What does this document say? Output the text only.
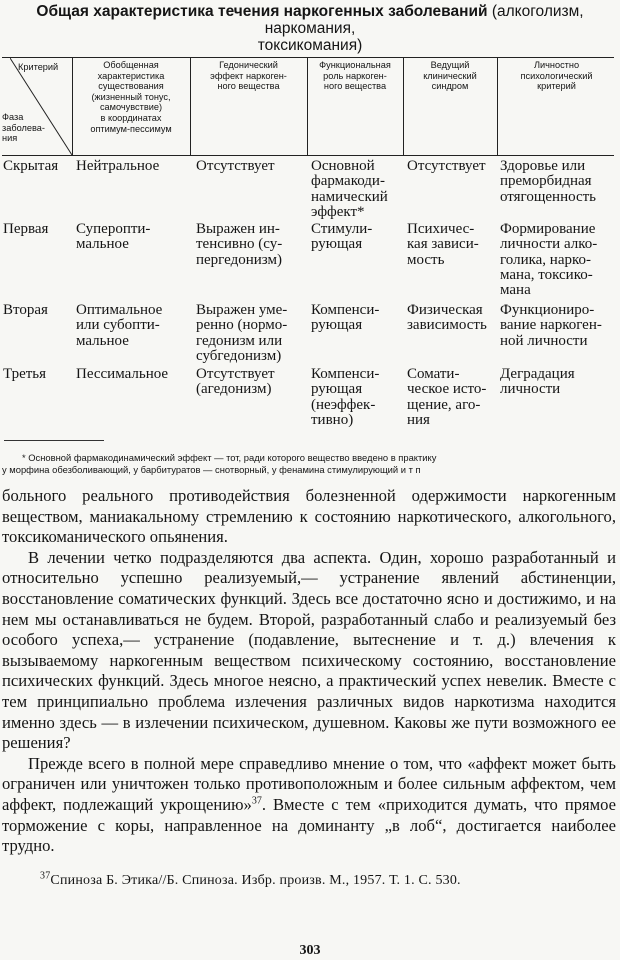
Общая характеристика течения наркогенных заболеваний (алкоголизм, наркомания,
токсикомания)
Критерий
Фаза
заболева-
ния
Обобщенная
характеристика
существования
(жизненный тонус,
самочувствие)
в координатах
оптимум-пессимум
Гедонический
эффект наркоген-
ного вещества
Функциональная
роль наркоген-
ного вещества
Ведущий
клинический
синдром
Личностно
психологический
критерий
Скрытая Нейтральное Отсутствует Основной
фармакоди-
намический
эффект*
Отсутствует Здоровье или
преморбидная
отягощенность
Первая Суперопти-
мальное
Выражен ин-
тенсивно (су-
пергедонизм)
Стимули-
рующая
Психичес-
кая зависи-
мость
Формирование
личности алко-
голика, нарко-
мана, токсико-
мана
Вторая Оптимальное
или субопти-
мальное
Выражен уме-
ренно (нормо-
гедонизм или
субгедонизм)
Компенси-
рующая
Физическая
зависимость
Функциониро-
вание наркоген-
ной личности
Третья Пессимальное Отсутствует
(агедонизм)
Компенси-
рующая
(неэффек-
тивно)
Сомати-
ческое исто-
щение, аго-
ния
Деградация
личности
* Основной фармакодинамический эффект — тот, ради которого вещество введено в практику
у морфина обезболивающий, у барбитуратов — снотворный, у фенамина стимулирующий и т п

больного реального противодействия болезненной одержимости наркогенным веществом, маниакальному стремлению к состоянию наркотического, алкогольного, токсикоманического опьянения.

В лечении четко подразделяются два аспекта. Один, хорошо разработанный и относительно успешно реализуемый,— устранение явлений абстиненции, восстановление соматических функций. Здесь все достаточно ясно и достижимо, и на нем мы останавливаться не будем. Второй, разработанный слабо и реализуемый без особого успеха,— устранение (подавление, вытеснение и т. д.) влечения к вызываемому наркогенным веществом психическому состоянию, восстановление психических функций. Здесь многое неясно, а практический успех невелик. Вместе с тем принципиально проблема излечения различных видов наркотизма находится именно здесь — в излечении психическом, душевном. Каковы же пути возможного ее решения?

Прежде всего в полной мере справедливо мнение о том, что «аффект может быть ограничен или уничтожен только противоположным и более сильным аффектом, чем аффект, подлежащий укрощению»$^{37}$. Вместе с тем «приходится думать, что прямое торможение с коры, направленное на доминанту „в лоб“, достигается наиболее трудно.

$^{37}$Спиноза Б. Этика//Б. Спиноза. Избр. произв. М., 1957. Т. 1. С. 530.
303
